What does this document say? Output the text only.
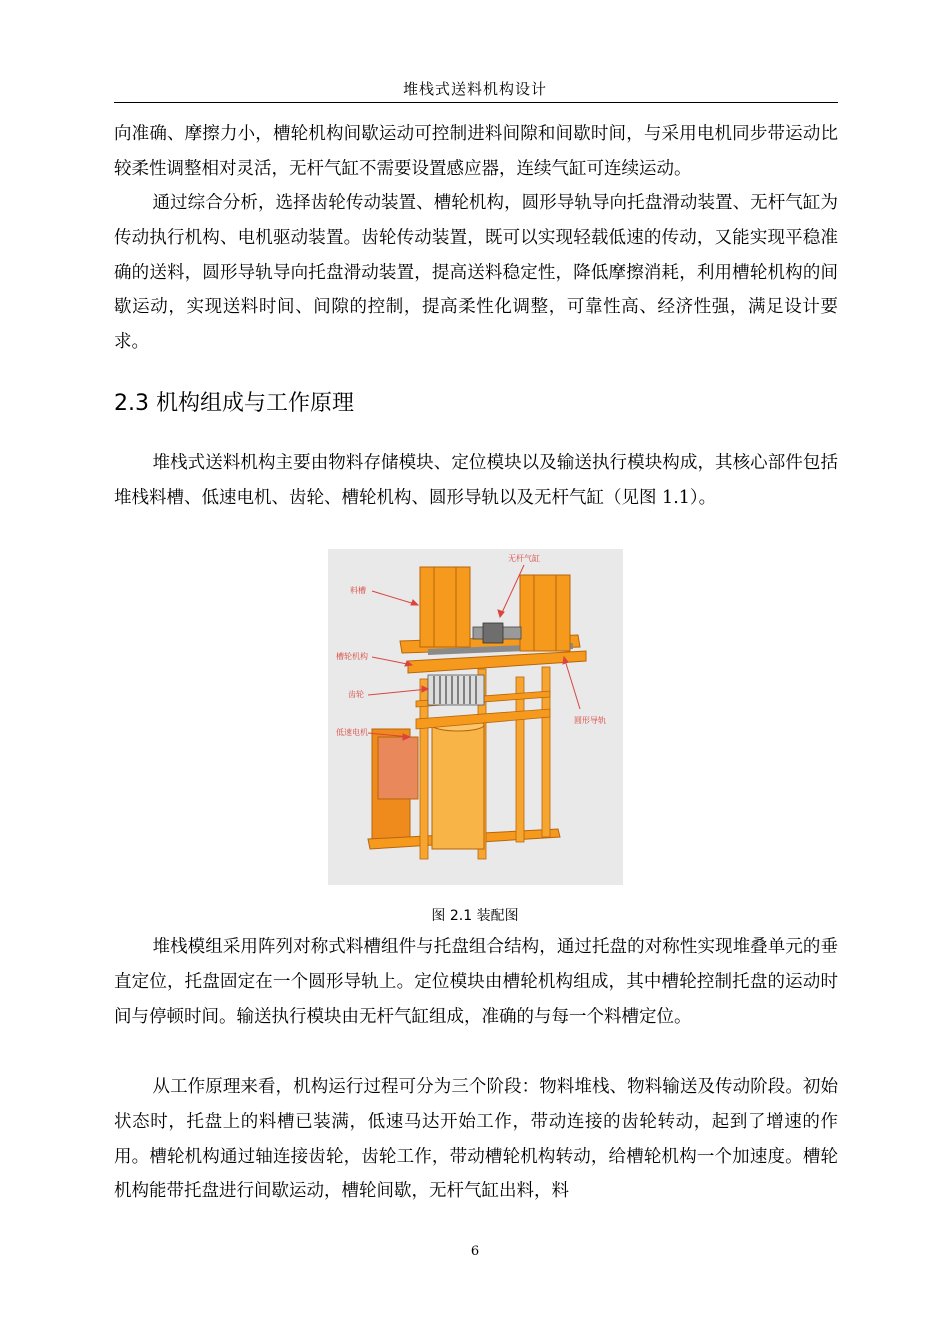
堆栈式送料机构设计

向准确、摩擦力小，槽轮机构间歇运动可控制进料间隙和间歇时间，与采用电机同步带运动比较柔性调整相对灵活，无杆气缸不需要设置感应器，连续气缸可连续运动。

通过综合分析，选择齿轮传动装置、槽轮机构，圆形导轨导向托盘滑动装置、无杆气缸为传动执行机构、电机驱动装置。齿轮传动装置，既可以实现轻载低速的传动，又能实现平稳准确的送料，圆形导轨导向托盘滑动装置，提高送料稳定性，降低摩擦消耗，利用槽轮机构的间歇运动，实现送料时间、间隙的控制，提高柔性化调整，可靠性高、经济性强，满足设计要求。

2.3 机构组成与工作原理

堆栈式送料机构主要由物料存储模块、定位模块以及输送执行模块构成，其核心部件包括堆栈料槽、低速电机、齿轮、槽轮机构、圆形导轨以及无杆气缸（见图 1.1）。

无杆气缸
料槽
槽轮机构
齿轮
低速电机
圆形导轨
图 2.1 装配图

堆栈模组采用阵列对称式料槽组件与托盘组合结构，通过托盘的对称性实现堆叠单元的垂直定位，托盘固定在一个圆形导轨上。定位模块由槽轮机构组成，其中槽轮控制托盘的运动时间与停顿时间。输送执行模块由无杆气缸组成，准确的与每一个料槽定位。

从工作原理来看，机构运行过程可分为三个阶段：物料堆栈、物料输送及传动阶段。初始状态时，托盘上的料槽已装满，低速马达开始工作，带动连接的齿轮转动，起到了增速的作用。槽轮机构通过轴连接齿轮，齿轮工作，带动槽轮机构转动，给槽轮机构一个加速度。槽轮机构能带托盘进行间歇运动，槽轮间歇，无杆气缸出料，料

6
